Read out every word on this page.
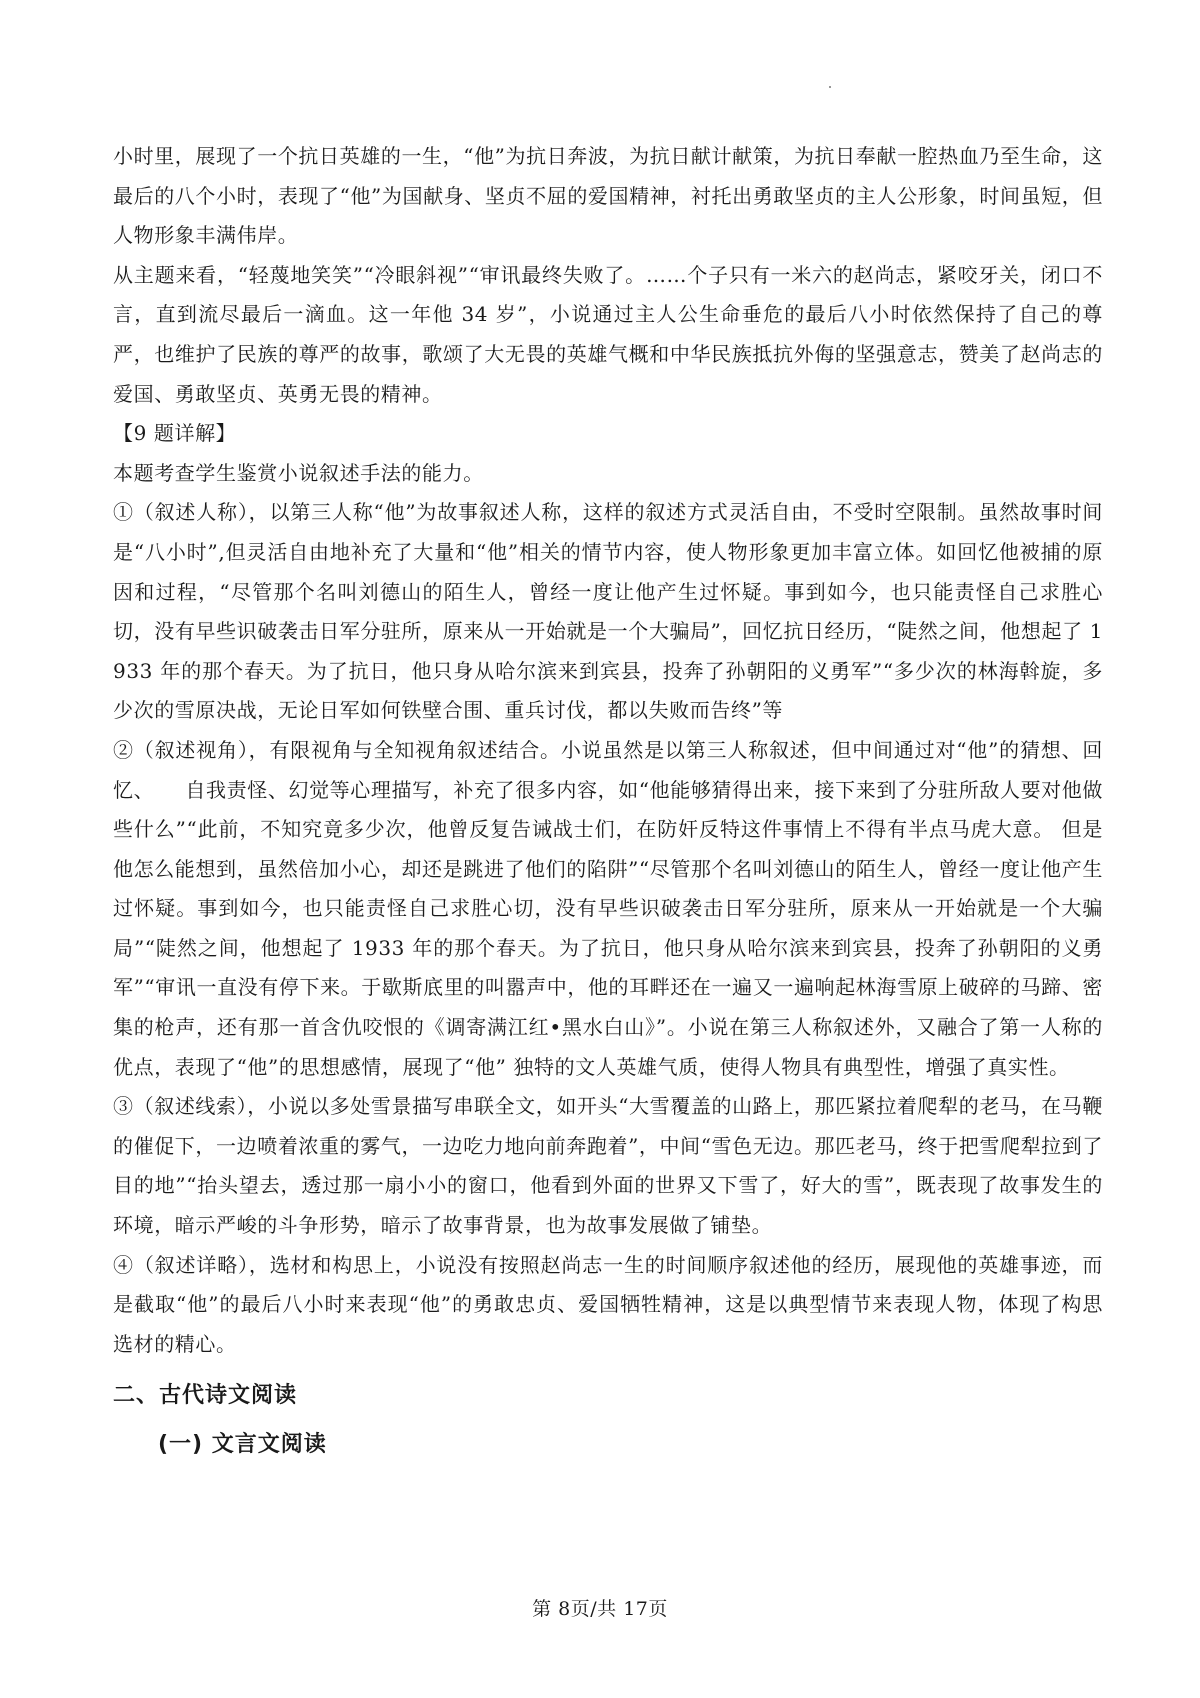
小时里，展现了一个抗日英雄的一生，“他”为抗日奔波，为抗日献计献策，为抗日奉献一腔热血乃至生命，这最后的八个小时，表现了“他”为国献身、坚贞不屈的爱国精神，衬托出勇敢坚贞的主人公形象，时间虽短，但人物形象丰满伟岸。

从主题来看，“轻蔑地笑笑”“冷眼斜视”“审讯最终失败了。……个子只有一米六的赵尚志，紧咬牙关，闭口不言，直到流尽最后一滴血。这一年他 34 岁”，小说通过主人公生命垂危的最后八小时依然保持了自己的尊严，也维护了民族的尊严的故事，歌颂了大无畏的英雄气概和中华民族抵抗外侮的坚强意志，赞美了赵尚志的爱国、勇敢坚贞、英勇无畏的精神。

【9 题详解】

本题考查学生鉴赏小说叙述手法的能力。

①（叙述人称），以第三人称“他”为故事叙述人称，这样的叙述方式灵活自由，不受时空限制。虽然故事时间是“八小时”,但灵活自由地补充了大量和“他”相关的情节内容，使人物形象更加丰富立体。如回忆他被捕的原因和过程，“尽管那个名叫刘德山的陌生人，曾经一度让他产生过怀疑。事到如今，也只能责怪自己求胜心切，没有早些识破袭击日军分驻所，原来从一开始就是一个大骗局”，回忆抗日经历，“陡然之间，他想起了 1933 年的那个春天。为了抗日，他只身从哈尔滨来到宾县，投奔了孙朝阳的义勇军”“多少次的林海斡旋，多少次的雪原决战，无论日军如何铁壁合围、重兵讨伐，都以失败而告终”等

②（叙述视角），有限视角与全知视角叙述结合。小说虽然是以第三人称叙述，但中间通过对“他”的猜想、回忆、　　自我责怪、幻觉等心理描写，补充了很多内容，如“他能够猜得出来，接下来到了分驻所敌人要对他做些什么”“此前，不知究竟多少次，他曾反复告诫战士们，在防奸反特这件事情上不得有半点马虎大意。 但是他怎么能想到，虽然倍加小心，却还是跳进了他们的陷阱”“尽管那个名叫刘德山的陌生人，曾经一度让他产生过怀疑。事到如今，也只能责怪自己求胜心切，没有早些识破袭击日军分驻所，原来从一开始就是一个大骗局”“陡然之间，他想起了 1933 年的那个春天。为了抗日，他只身从哈尔滨来到宾县，投奔了孙朝阳的义勇军”“审讯一直没有停下来。于歇斯底里的叫嚣声中，他的耳畔还在一遍又一遍响起林海雪原上破碎的马蹄、密集的枪声，还有那一首含仇咬恨的《调寄满江红•黑水白山》”。小说在第三人称叙述外，又融合了第一人称的优点，表现了“他”的思想感情，展现了“他” 独特的文人英雄气质，使得人物具有典型性，增强了真实性。

③（叙述线索），小说以多处雪景描写串联全文，如开头“大雪覆盖的山路上，那匹紧拉着爬犁的老马，在马鞭的催促下，一边喷着浓重的雾气，一边吃力地向前奔跑着”，中间“雪色无边。那匹老马，终于把雪爬犁拉到了目的地”“抬头望去，透过那一扇小小的窗口，他看到外面的世界又下雪了，好大的雪”，既表现了故事发生的环境，暗示严峻的斗争形势，暗示了故事背景，也为故事发展做了铺垫。

④（叙述详略），选材和构思上，小说没有按照赵尚志一生的时间顺序叙述他的经历，展现他的英雄事迹，而是截取“他”的最后八小时来表现“他”的勇敢忠贞、爱国牺牲精神，这是以典型情节来表现人物，体现了构思选材的精心。

二、古代诗文阅读
(一) 文言文阅读
第 8页/共 17页
